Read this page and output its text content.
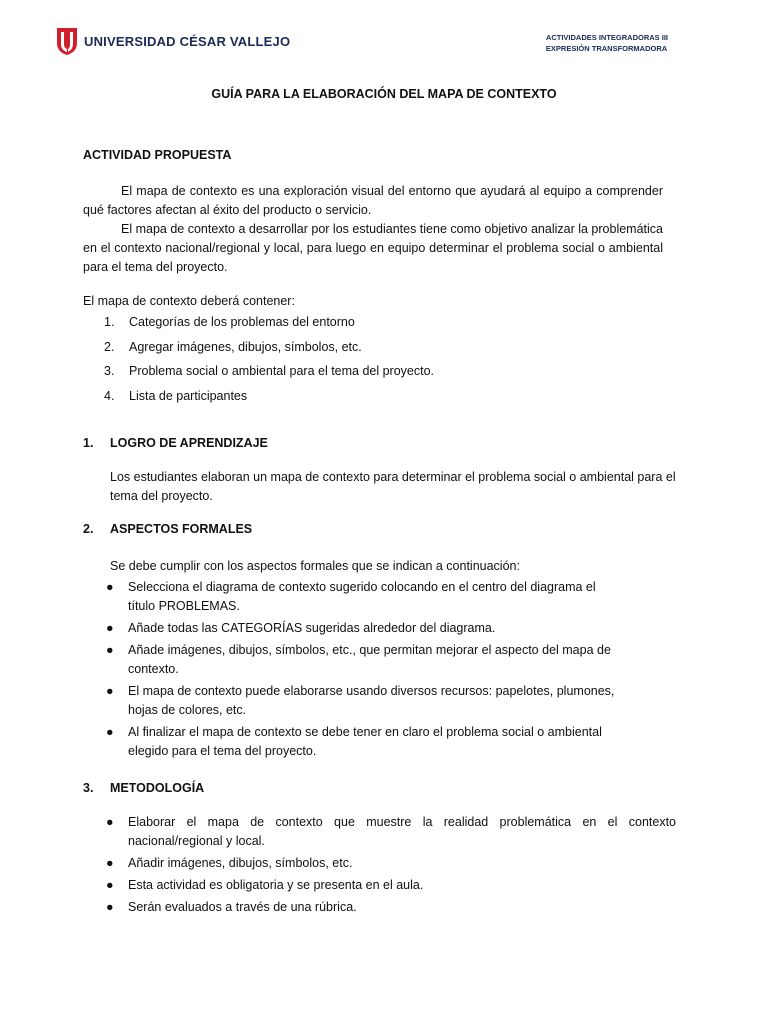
UNIVERSIDAD CÉSAR VALLEJO	ACTIVIDADES INTEGRADORAS III
EXPRESIÓN TRANSFORMADORA
GUÍA PARA LA ELABORACIÓN DEL MAPA DE CONTEXTO
ACTIVIDAD PROPUESTA

El mapa de contexto es una exploración visual del entorno que ayudará al equipo a comprender qué factores afectan al éxito del producto o servicio.

El mapa de contexto a desarrollar por los estudiantes tiene como objetivo analizar la problemática en el contexto nacional/regional y local, para luego en equipo determinar el problema social o ambiental para el tema del proyecto.

El mapa de contexto deberá contener:
1. Categorías de los problemas del entorno
2. Agregar imágenes, dibujos, símbolos, etc.
3. Problema social o ambiental para el tema del proyecto.
4. Lista de participantes
1. LOGRO DE APRENDIZAJE

Los estudiantes elaboran un mapa de contexto para determinar el problema social o ambiental para el tema del proyecto.

2. ASPECTOS FORMALES
Se debe cumplir con los aspectos formales que se indican a continuación:
● Selecciona el diagrama de contexto sugerido colocando en el centro del diagrama el título PROBLEMAS.
● Añade todas las CATEGORÍAS sugeridas alrededor del diagrama.
● Añade imágenes, dibujos, símbolos, etc., que permitan mejorar el aspecto del mapa de contexto.
● El mapa de contexto puede elaborarse usando diversos recursos: papelotes, plumones, hojas de colores, etc.
● Al finalizar el mapa de contexto se debe tener en claro el problema social o ambiental elegido para el tema del proyecto.
3. METODOLOGÍA
● Elaborar el mapa de contexto que muestre la realidad problemática en el contexto nacional/regional y local.
● Añadir imágenes, dibujos, símbolos, etc.
● Esta actividad es obligatoria y se presenta en el aula.
● Serán evaluados a través de una rúbrica.
